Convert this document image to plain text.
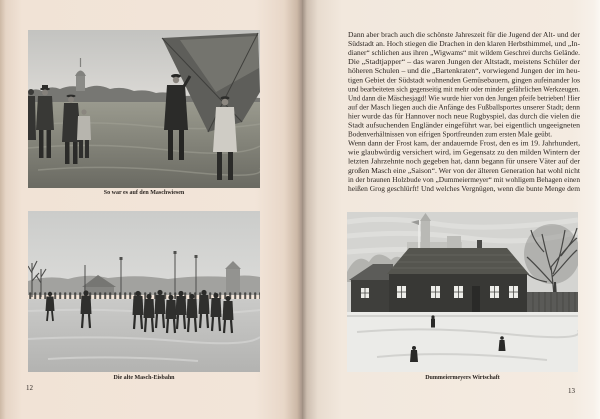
So war es auf den Maschwiesen
Die alte Masch-Eisbahn
12
Dann aber brach auch die schönste Jahreszeit für die Jugend der Alt- und der
Südstadt an. Hoch stiegen die Drachen in den klaren Herbsthimmel, und „In-
dianer“ schlichen aus ihren „Wigwams“ mit wildem Geschrei durchs Gelände.
Die „Stadtjapper“ – das waren Jungen der Altstadt, meistens Schüler der
höheren Schulen – und die „Bartenkraten“, vorwiegend Jungen der im heu-
tigen Gebiet der Südstadt wohnenden Gemüsebauern, gingen aufeinander los
und bearbeiteten sich gegenseitig mit mehr oder minder gefährlichen Werkzeugen.
Und dann die Mäschesjagd! Wie wurde hier von den Jungen pfeife betrieben! Hier
auf der Masch liegen auch die Anfänge des Fußballsportes unserer Stadt; denn
hier wurde das für Hannover noch neue Rugbyspiel, das durch die vielen die
Stadt aufsuchenden Engländer eingeführt war, bei eigentlich ungeeigneten
Bodenverhältnissen von eifrigen Sportfreunden zum ersten Male geübt.
Wenn dann der Frost kam, der andauernde Frost, den es im 19. Jahrhundert,
wie glaubwürdig versichert wird, im Gegensatz zu den milden Wintern der
letzten Jahrzehnte noch gegeben hat, dann begann für unsere Väter auf der
großen Masch eine „Saison“. Wer von der älteren Generation hat wohl nicht
in der braunen Holzbude von „Dummeiermeyer“ mit wohligem Behagen einen
heißen Grog geschlürft! Und welches Vergnügen, wenn die bunte Menge dem
Dummeiermeyers Wirtschaft
13
